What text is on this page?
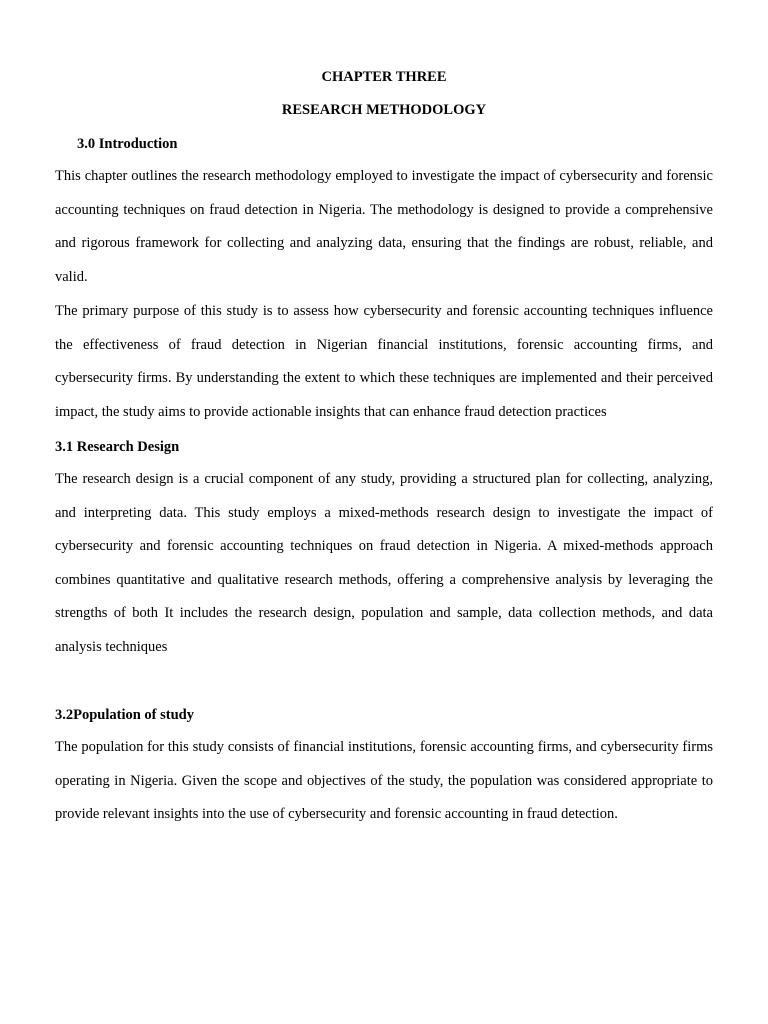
CHAPTER THREE
RESEARCH METHODOLOGY
3.0 Introduction

This chapter outlines the research methodology employed to investigate the impact of cybersecurity and forensic accounting techniques on fraud detection in Nigeria. The methodology is designed to provide a comprehensive and rigorous framework for collecting and analyzing data, ensuring that the findings are robust, reliable, and valid.

The primary purpose of this study is to assess how cybersecurity and forensic accounting techniques influence the effectiveness of fraud detection in Nigerian financial institutions, forensic accounting firms, and cybersecurity firms. By understanding the extent to which these techniques are implemented and their perceived impact, the study aims to provide actionable insights that can enhance fraud detection practices

3.1 Research Design

The research design is a crucial component of any study, providing a structured plan for collecting, analyzing, and interpreting data. This study employs a mixed-methods research design to investigate the impact of cybersecurity and forensic accounting techniques on fraud detection in Nigeria. A mixed-methods approach combines quantitative and qualitative research methods, offering a comprehensive analysis by leveraging the strengths of both It includes the research design, population and sample, data collection methods, and data analysis techniques

3.2Population of study

The population for this study consists of financial institutions, forensic accounting firms, and cybersecurity firms operating in Nigeria. Given the scope and objectives of the study, the population was considered appropriate to provide relevant insights into the use of cybersecurity and forensic accounting in fraud detection.
